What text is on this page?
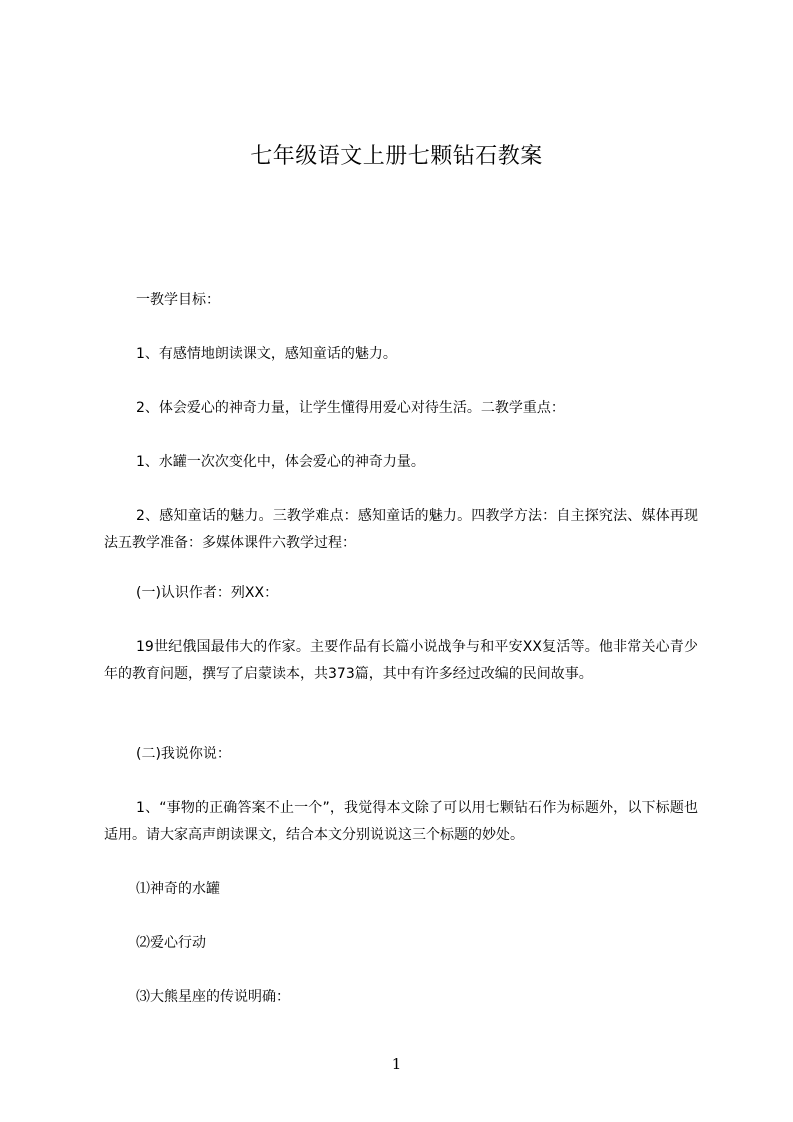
七年级语文上册七颗钻石教案

一教学目标：

1、有感情地朗读课文，感知童话的魅力。

2、体会爱心的神奇力量，让学生懂得用爱心对待生活。二教学重点：

1、水罐一次次变化中，体会爱心的神奇力量。

2、感知童话的魅力。三教学难点：感知童话的魅力。四教学方法：自主探究法、媒体再现法五教学准备：多媒体课件六教学过程：

(一)认识作者：列XX：

19世纪俄国最伟大的作家。主要作品有长篇小说战争与和平安XX复活等。他非常关心青少年的教育问题，撰写了启蒙读本，共373篇，其中有许多经过改编的民间故事。

(二)我说你说：

1、“事物的正确答案不止一个”，我觉得本文除了可以用七颗钻石作为标题外，以下标题也适用。请大家高声朗读课文，结合本文分别说说这三个标题的妙处。

⑴神奇的水罐

⑵爱心行动

⑶大熊星座的传说明确：

1
